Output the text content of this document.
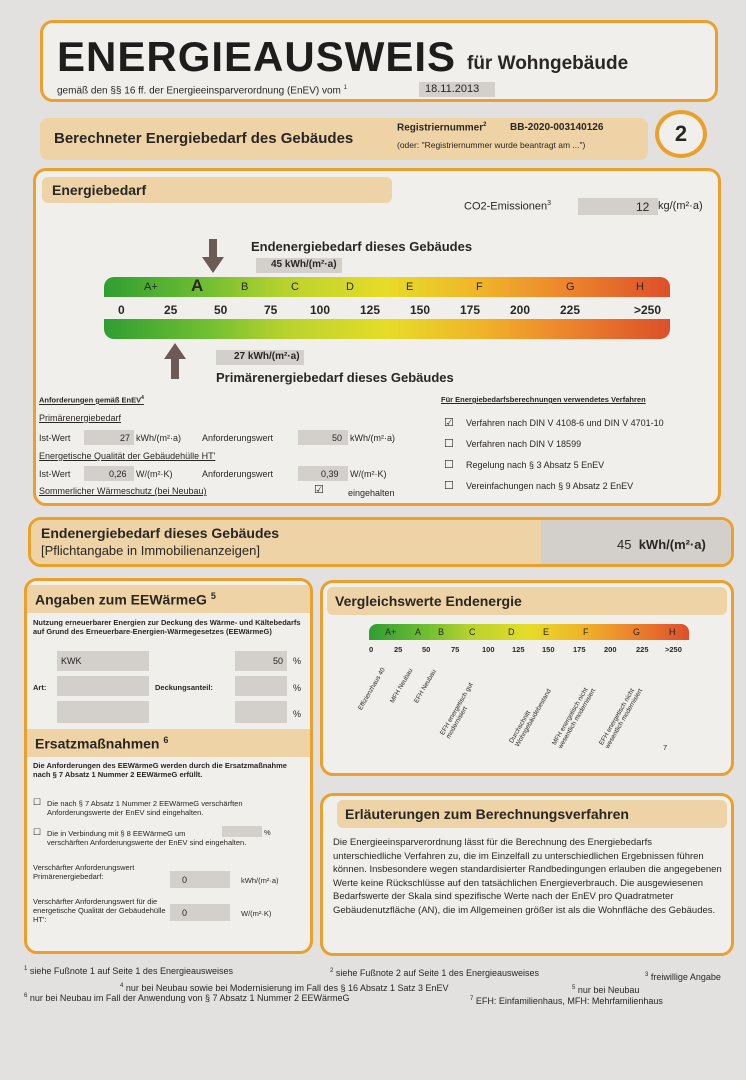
ENERGIEAUSWEIS für Wohngebäude
gemäß den §§ 16 ff. der Energieeinsparverordnung (EnEV) vom $^1$	18.11.2013
Berechneter Energiebedarf des Gebäudes
Registriernummer$^2$ BB-2020-003140126
(oder: "Registriernummer wurde beantragt am ...")	2
Energiebedarf
CO2-Emissionen$^3$	12 kg/(m²·a)
Endenergiebedarf dieses Gebäudes
45 kWh/(m²·a)
A+ A	B	C	D	E	F	G	H
0	25	50	75	100 125 150 175 200 225	>250
27 kWh/(m²·a)
Primärenergiebedarf dieses Gebäudes
Anforderungen gemäß EnEV$^4$
Primärenergiebedarf
Ist-Wert	27 kWh/(m²·a) Anforderungswert	50 kWh/(m²·a)
Energetische Qualität der Gebäudehülle HT'
Ist-Wert	0,26 W/(m²·K)	Anforderungswert	0,39 W/(m²·K)
Sommerlicher Wärmeschutz (bei Neubau)	☑	eingehalten
Für Energiebedarfsberechnungen verwendetes Verfahren
☑ Verfahren nach DIN V 4108-6 und DIN V 4701-10
☐ Verfahren nach DIN V 18599
☐ Regelung nach § 3 Absatz 5 EnEV
☐ Vereinfachungen nach § 9 Absatz 2 EnEV
Endenergiebedarf dieses Gebäudes
[Pflichtangabe in Immobilienanzeigen]	45 kWh/(m²·a)
Angaben zum EEWärmeG $^5$
Nutzung erneuerbarer Energien zur Deckung des Wärme- und Kältebedarfs auf Grund des Erneuerbare-Energien-Wärmegesetzes (EEWärmeG)
KWK	50 %
Art:	Deckungsanteil:	%
%
Ersatzmaßnahmen $^6$
Die Anforderungen des EEWärmeG werden durch die Ersatzmaßnahme nach § 7 Absatz 1 Nummer 2 EEWärmeG erfüllt.
☐ Die nach § 7 Absatz 1 Nummer 2 EEWärmeG verschärften Anforderungswerte der EnEV sind eingehalten.
☐ Die in Verbindung mit § 8 EEWärmeG um	%
verschärften Anforderungswerte der EnEV sind eingehalten.
Verschärfter Anforderungswert Primärenergiebedarf:	0	kWh/(m²·a)
Verschärfter Anforderungswert für die energetische Qualität der Gebäudehülle HT':
0	W/(m²·K)
Vergleichswerte Endenergie
A+ A B	C	D	E	F	G	H
0	25	50	75	100 125 150 175 200	225 >250
Effizienzhaus 40 MFH Neubau
EFH Neubau EFH energetisch gut modernisiert	Durchschnitt Wohngebäudebestand
MFH energetisch nicht wesentlich modernisiert EFH energetisch nicht wesentlich modernisiert	7
Erläuterungen zum Berechnungsverfahren
Die Energieeinsparverordnung lässt für die Berechnung des Energiebedarfs unterschiedliche Verfahren zu, die im Einzelfall zu unterschiedlichen Ergebnissen führen können. Insbesondere wegen standardisierter Randbedingungen erlauben die angegebenen Werte keine Rückschlüsse auf den tatsächlichen Energieverbrauch. Die ausgewiesenen Bedarfswerte der Skala sind spezifische Werte nach der EnEV pro Quadratmeter Gebäudenutzfläche (AN), die im Allgemeinen größer ist als die Wohnfläche des Gebäudes.
$^1$ siehe Fußnote 1 auf Seite 1 des Energieausweises	$^2$ siehe Fußnote 2 auf Seite 1 des Energieausweises	$^3$ freiwillige Angabe
$^4$ nur bei Neubau sowie bei Modernisierung im Fall des § 16 Absatz 1 Satz 3 EnEV	$^5$ nur bei Neubau
$^6$ nur bei Neubau im Fall der Anwendung von § 7 Absatz 1 Nummer 2 EEWärmeG	$^7$ EFH: Einfamilienhaus, MFH: Mehrfamilienhaus
